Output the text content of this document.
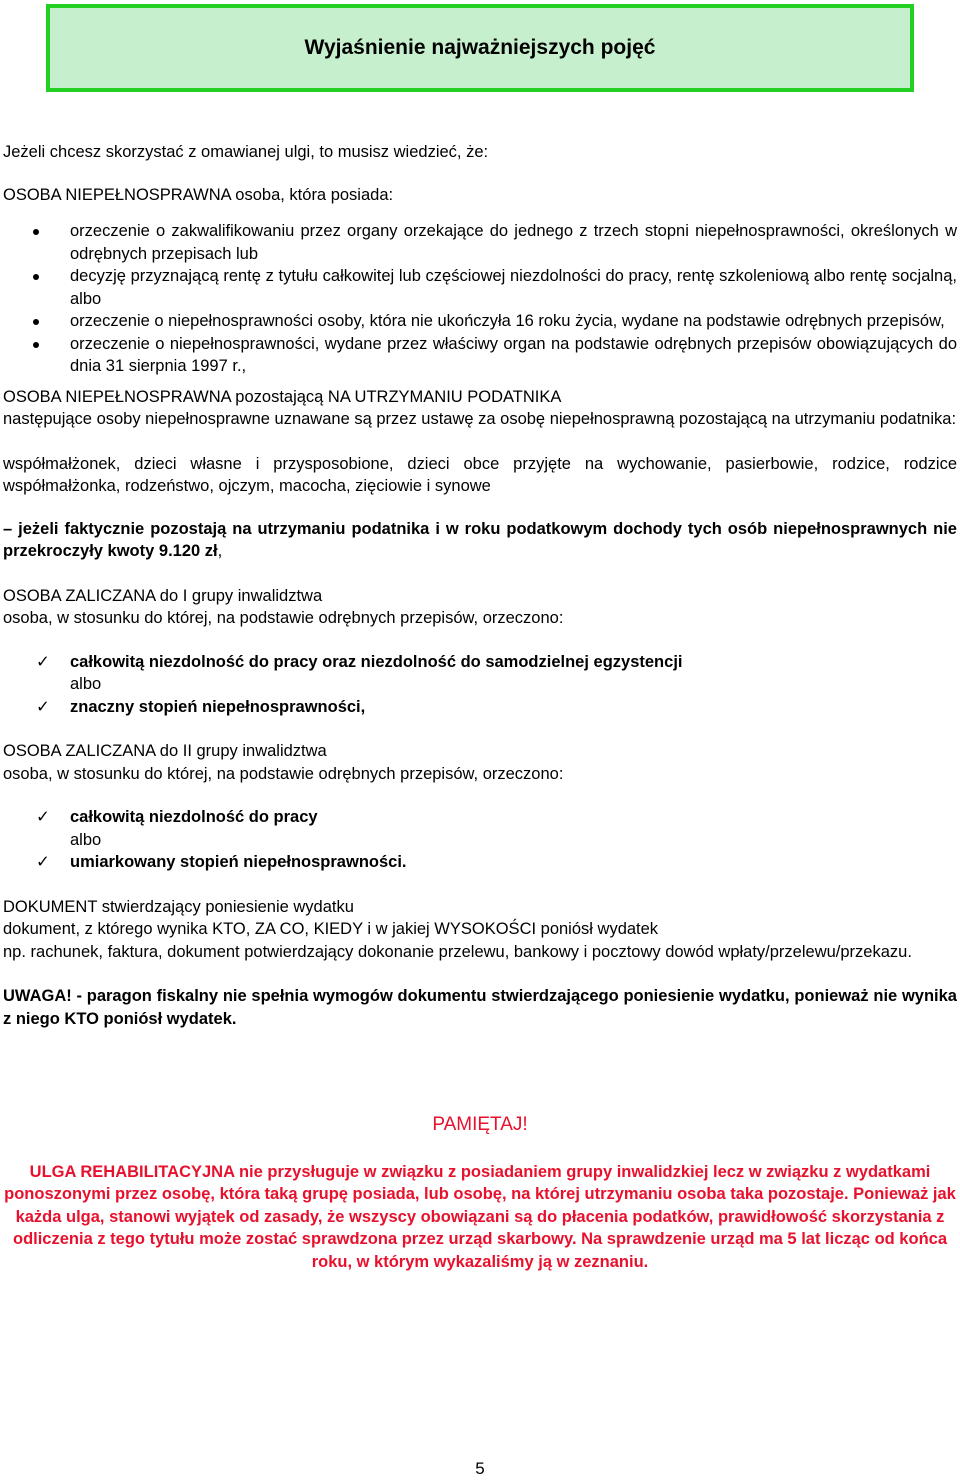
Wyjaśnienie najważniejszych pojęć

Jeżeli chcesz skorzystać z omawianej ulgi, to musisz wiedzieć, że:

OSOBA NIEPEŁNOSPRAWNA osoba, która posiada:

orzeczenie o zakwalifikowaniu przez organy orzekające do jednego z trzech stopni niepełnosprawności, określonych w odrębnych przepisach lub
decyzję przyznającą rentę z tytułu całkowitej lub częściowej niezdolności do pracy, rentę szkoleniową albo rentę socjalną, albo
orzeczenie o niepełnosprawności osoby, która nie ukończyła 16 roku życia, wydane na podstawie odrębnych przepisów,
orzeczenie o niepełnosprawności, wydane przez właściwy organ na podstawie odrębnych przepisów obowiązujących do dnia 31 sierpnia 1997 r.,

OSOBA NIEPEŁNOSPRAWNA pozostającą NA UTRZYMANIU PODATNIKA

następujące osoby niepełnosprawne uznawane są przez ustawę za osobę niepełnosprawną pozostającą na utrzymaniu podatnika:

współmałżonek, dzieci własne i przysposobione, dzieci obce przyjęte na wychowanie, pasierbowie, rodzice, rodzice współmałżonka, rodzeństwo, ojczym, macocha, zięciowie i synowe

– jeżeli faktycznie pozostają na utrzymaniu podatnika i w roku podatkowym dochody tych osób niepełnosprawnych nie przekroczyły kwoty 9.120 zł,

OSOBA ZALICZANA do I grupy inwalidztwa

osoba, w stosunku do której, na podstawie odrębnych przepisów, orzeczono:

✓ całkowitą niezdolność do pracy oraz niezdolność do samodzielnej egzystencji
albo
✓ znaczny stopień niepełnosprawności,

OSOBA ZALICZANA do II grupy inwalidztwa

osoba, w stosunku do której, na podstawie odrębnych przepisów, orzeczono:

✓ całkowitą niezdolność do pracy
albo
✓ umiarkowany stopień niepełnosprawności.

DOKUMENT stwierdzający poniesienie wydatku

dokument, z którego wynika KTO, ZA CO, KIEDY i w jakiej WYSOKOŚCI poniósł wydatek

np. rachunek, faktura, dokument potwierdzający dokonanie przelewu, bankowy i pocztowy dowód wpłaty/przelewu/przekazu.

UWAGA! - paragon fiskalny nie spełnia wymogów dokumentu stwierdzającego poniesienie wydatku, ponieważ nie wynika z niego KTO poniósł wydatek.

PAMIĘTAJ!

ULGA REHABILITACYJNA nie przysługuje w związku z posiadaniem grupy inwalidzkiej lecz w związku z wydatkami ponoszonymi przez osobę, która taką grupę posiada, lub osobę, na której utrzymaniu osoba taka pozostaje. Ponieważ jak każda ulga, stanowi wyjątek od zasady, że wszyscy obowiązani są do płacenia podatków, prawidłowość skorzystania z odliczenia z tego tytułu może zostać sprawdzona przez urząd skarbowy. Na sprawdzenie urząd ma 5 lat licząc od końca roku, w którym wykazaliśmy ją w zeznaniu.

5
